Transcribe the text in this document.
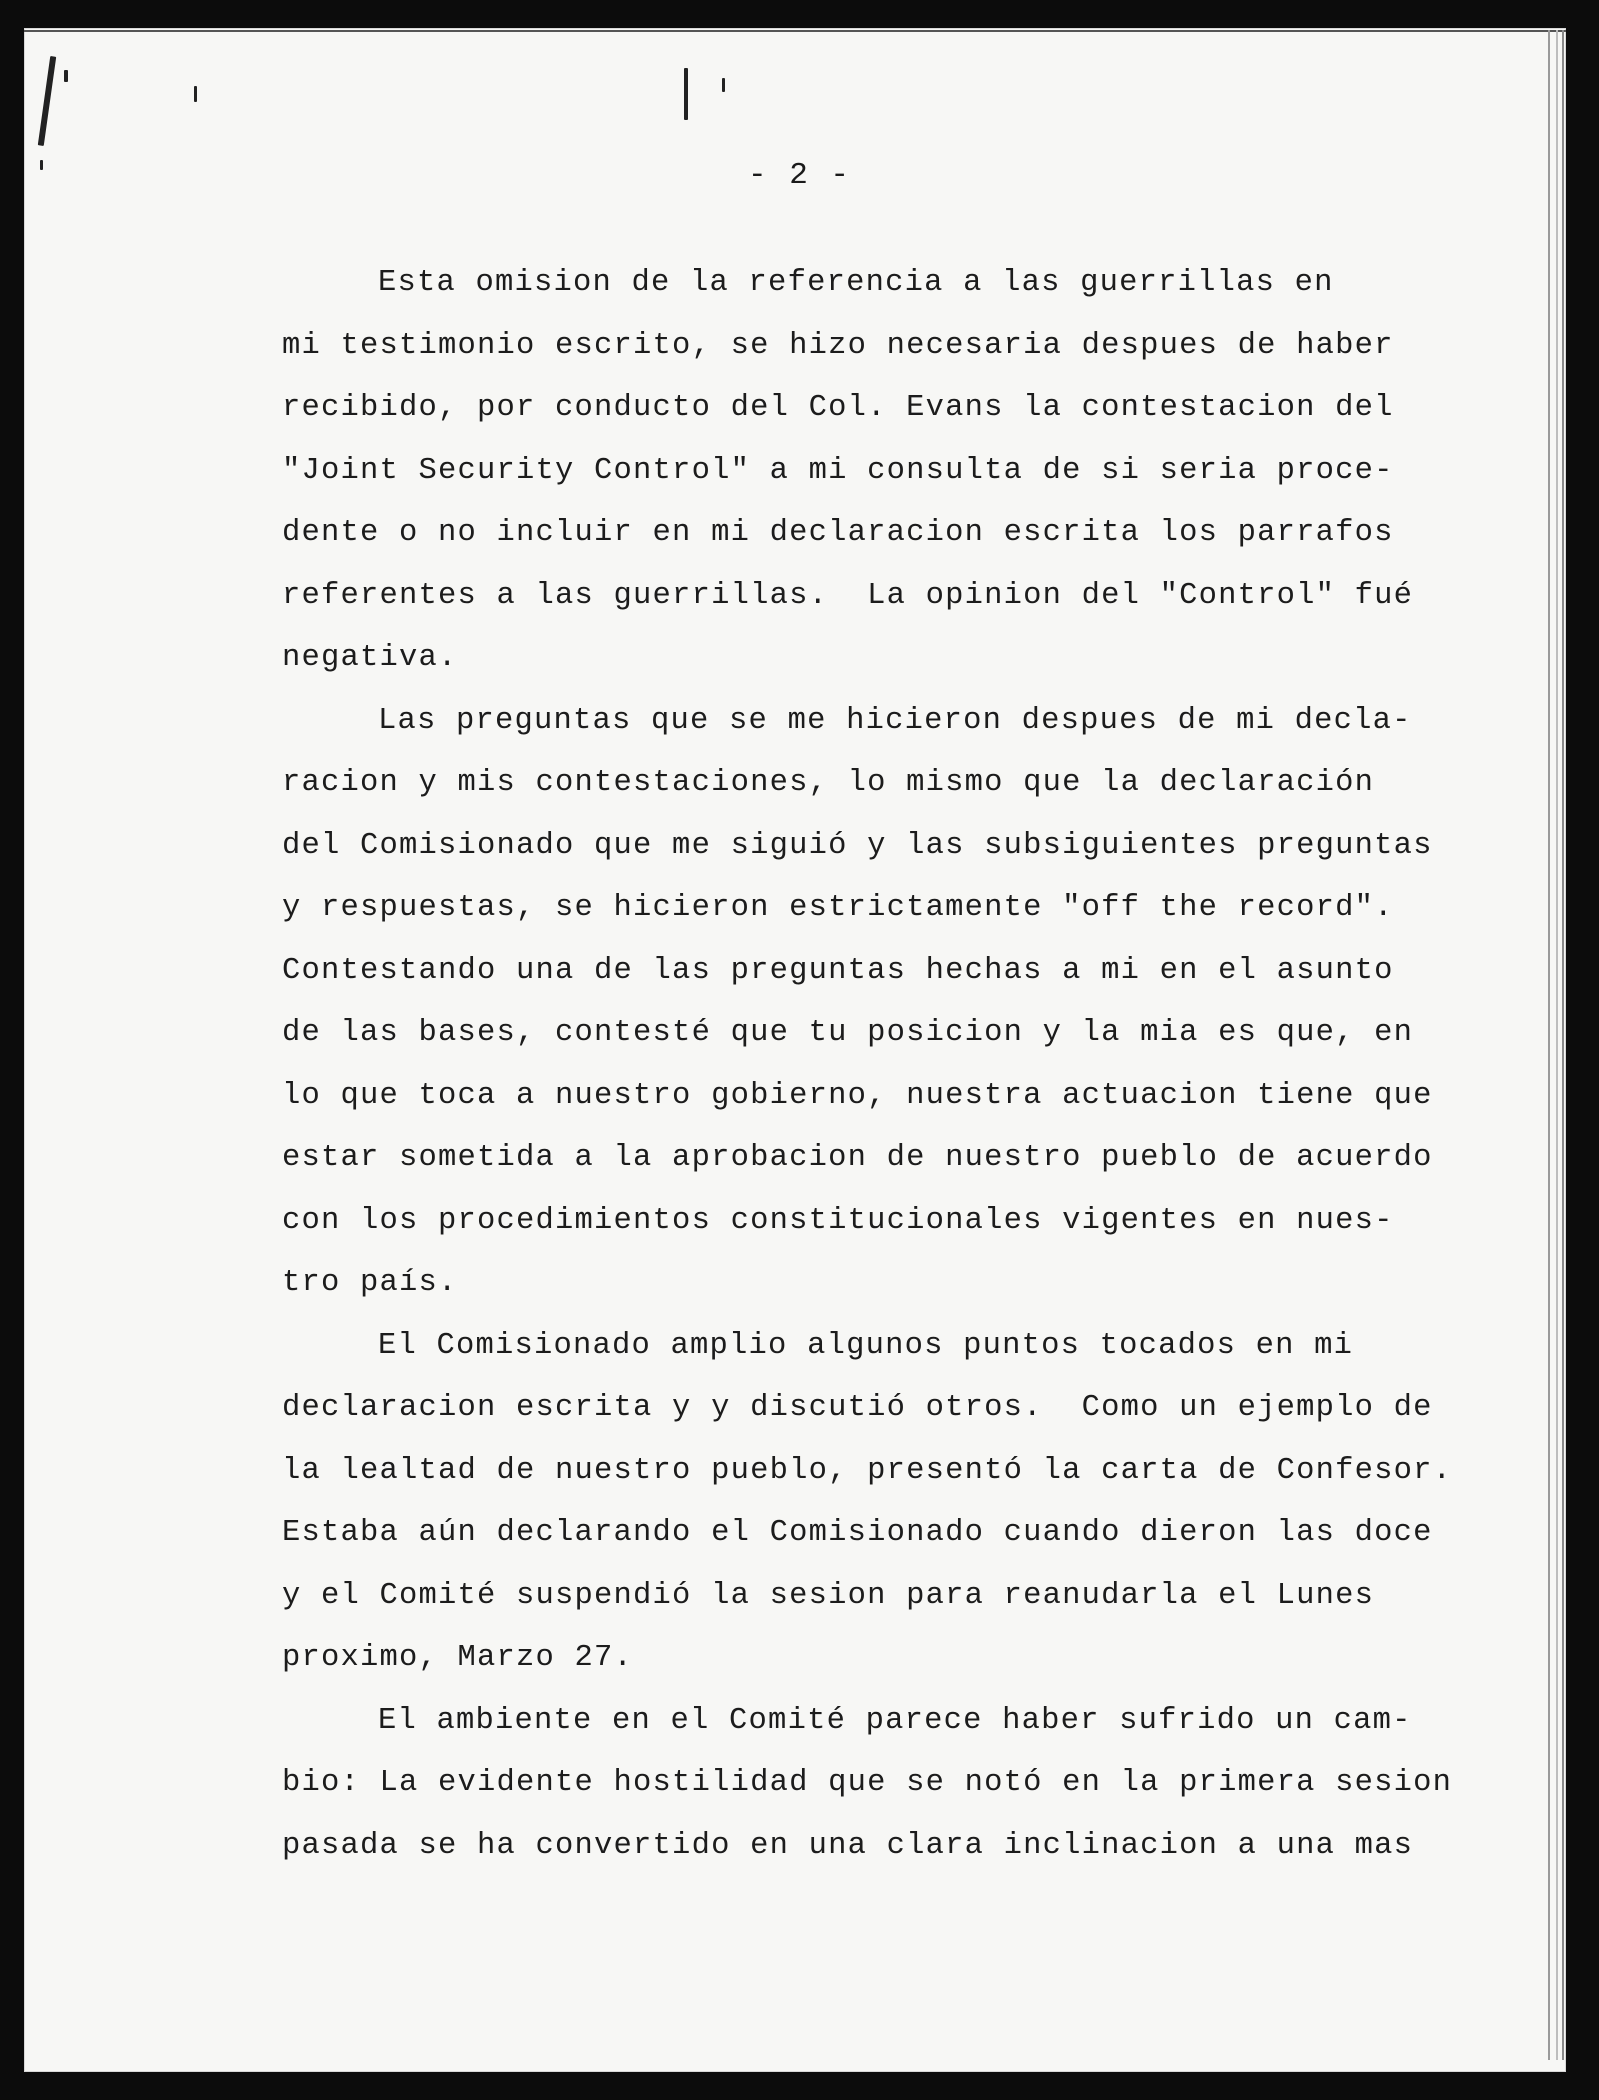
- 2 -
Esta omision de la referencia a las guerrillas en
mi testimonio escrito, se hizo necesaria despues de haber
recibido, por conducto del Col. Evans la contestacion del
"Joint Security Control" a mi consulta de si seria proce-
dente o no incluir en mi declaracion escrita los parrafos
referentes a las guerrillas.  La opinion del "Control" fué
negativa.
Las preguntas que se me hicieron despues de mi decla-
racion y mis contestaciones, lo mismo que la declaración
del Comisionado que me siguió y las subsiguientes preguntas
y respuestas, se hicieron estrictamente "off the record".
Contestando una de las preguntas hechas a mi en el asunto
de las bases, contesté que tu posicion y la mia es que, en
lo que toca a nuestro gobierno, nuestra actuacion tiene que
estar sometida a la aprobacion de nuestro pueblo de acuerdo
con los procedimientos constitucionales vigentes en nues-
tro país.
El Comisionado amplio algunos puntos tocados en mi
declaracion escrita y y discutió otros.  Como un ejemplo de
la lealtad de nuestro pueblo, presentó la carta de Confesor.
Estaba aún declarando el Comisionado cuando dieron las doce
y el Comité suspendió la sesion para reanudarla el Lunes
proximo, Marzo 27.
El ambiente en el Comité parece haber sufrido un cam-
bio: La evidente hostilidad que se notó en la primera sesion
pasada se ha convertido en una clara inclinacion a una mas
